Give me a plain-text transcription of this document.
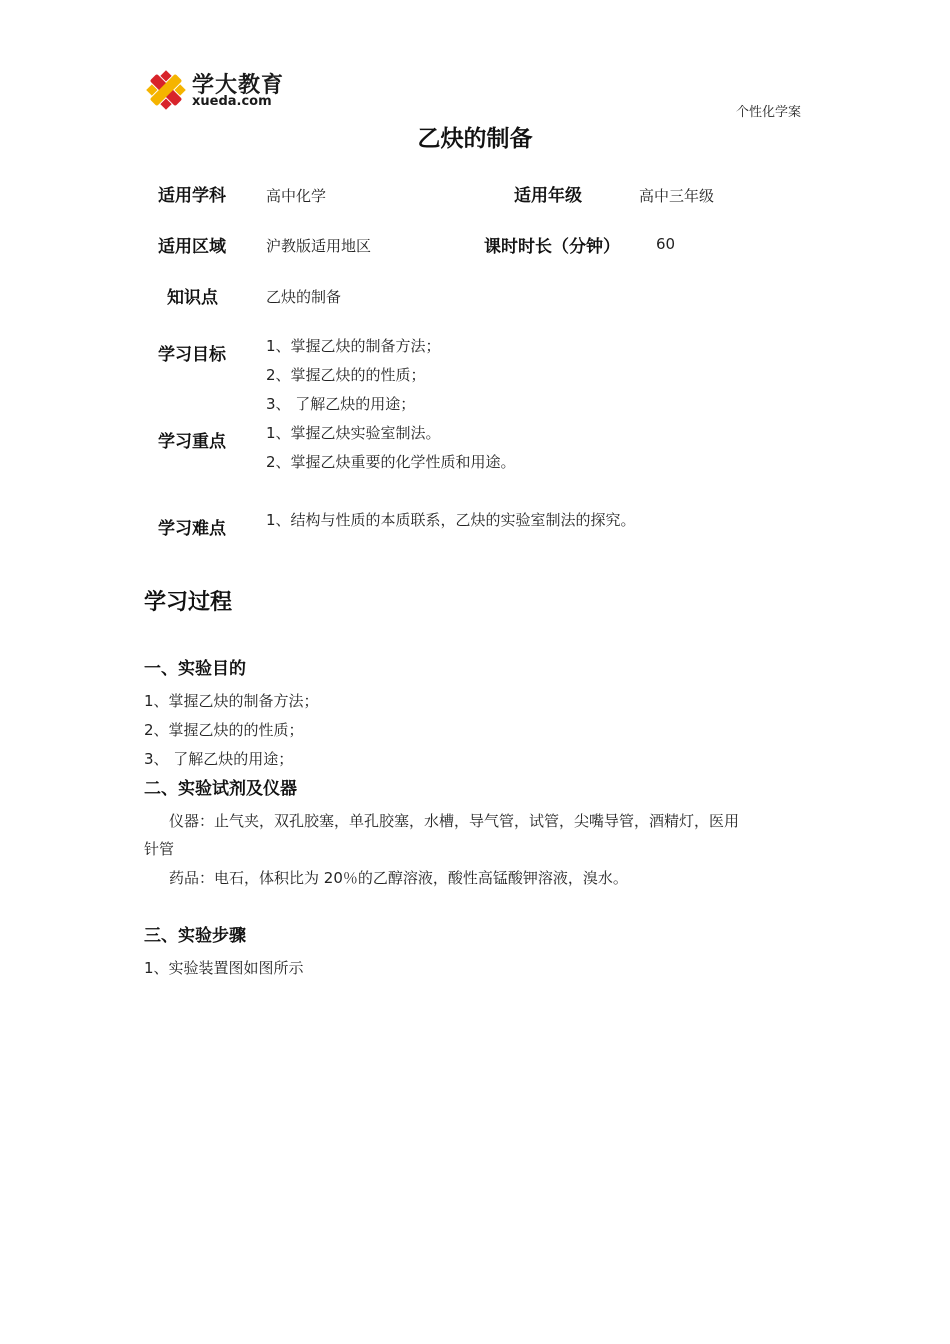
学大教育
xueda.com
个性化学案
乙炔的制备
适用学科	高中化学	适用年级	高中三年级
适用区域	沪教版适用地区	课时时长（分钟） 60
知识点	乙炔的制备
学习目标	1、掌握乙炔的制备方法；
2、掌握乙炔的的性质；
3、 了解乙炔的用途；
学习重点	1、掌握乙炔实验室制法。
2、掌握乙炔重要的化学性质和用途。
学习难点	1、结构与性质的本质联系，乙炔的实验室制法的探究。
学习过程
一、实验目的
1、掌握乙炔的制备方法；
2、掌握乙炔的的性质；
3、 了解乙炔的用途；
二、实验试剂及仪器
仪器：止气夹，双孔胶塞，单孔胶塞，水槽，导气管，试管，尖嘴导管，酒精灯，医用
针管
药品：电石，体积比为 20％的乙醇溶液，酸性高锰酸钾溶液，溴水。
三、实验步骤
1、实验装置图如图所示
